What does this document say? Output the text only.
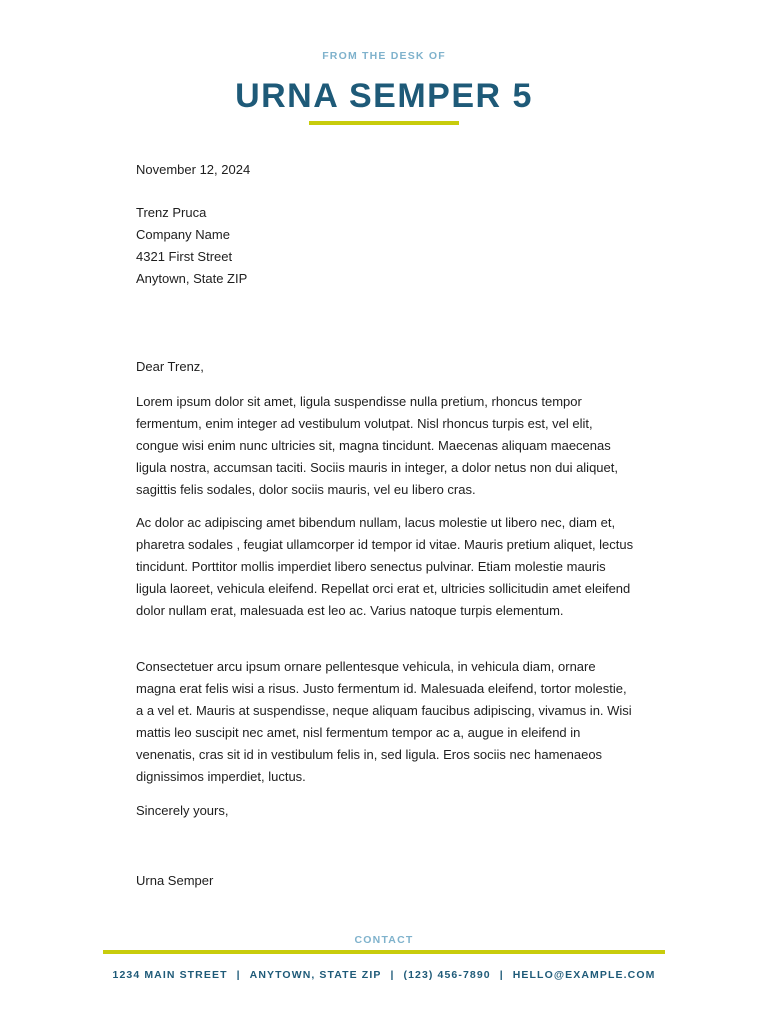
FROM THE DESK OF
URNA SEMPER 5
November 12, 2024
Trenz Pruca
Company Name
4321 First Street
Anytown, State ZIP
Dear Trenz,

Lorem ipsum dolor sit amet, ligula suspendisse nulla pretium, rhoncus tempor fermentum, enim integer ad vestibulum volutpat. Nisl rhoncus turpis est, vel elit, congue wisi enim nunc ultricies sit, magna tincidunt. Maecenas aliquam maecenas ligula nostra, accumsan taciti. Sociis mauris in integer, a dolor netus non dui aliquet, sagittis felis sodales, dolor sociis mauris, vel eu libero cras.

Ac dolor ac adipiscing amet bibendum nullam, lacus molestie ut libero nec, diam et, pharetra sodales , feugiat ullamcorper id tempor id vitae. Mauris pretium aliquet, lectus tincidunt. Porttitor mollis imperdiet libero senectus pulvinar. Etiam molestie mauris ligula laoreet, vehicula eleifend. Repellat orci erat et, ultricies sollicitudin amet eleifend dolor nullam erat, malesuada est leo ac. Varius natoque turpis elementum.

Consectetuer arcu ipsum ornare pellentesque vehicula, in vehicula diam, ornare magna erat felis wisi a risus. Justo fermentum id. Malesuada eleifend, tortor molestie, a a vel et. Mauris at suspendisse, neque aliquam faucibus adipiscing, vivamus in. Wisi mattis leo suscipit nec amet, nisl fermentum tempor ac a, augue in eleifend in venenatis, cras sit id in vestibulum felis in, sed ligula. Eros sociis nec hamenaeos dignissimos imperdiet, luctus.

Sincerely yours,
Urna Semper
CONTACT
1234 MAIN STREET | ANYTOWN, STATE ZIP | (123) 456-7890 | HELLO@EXAMPLE.COM
